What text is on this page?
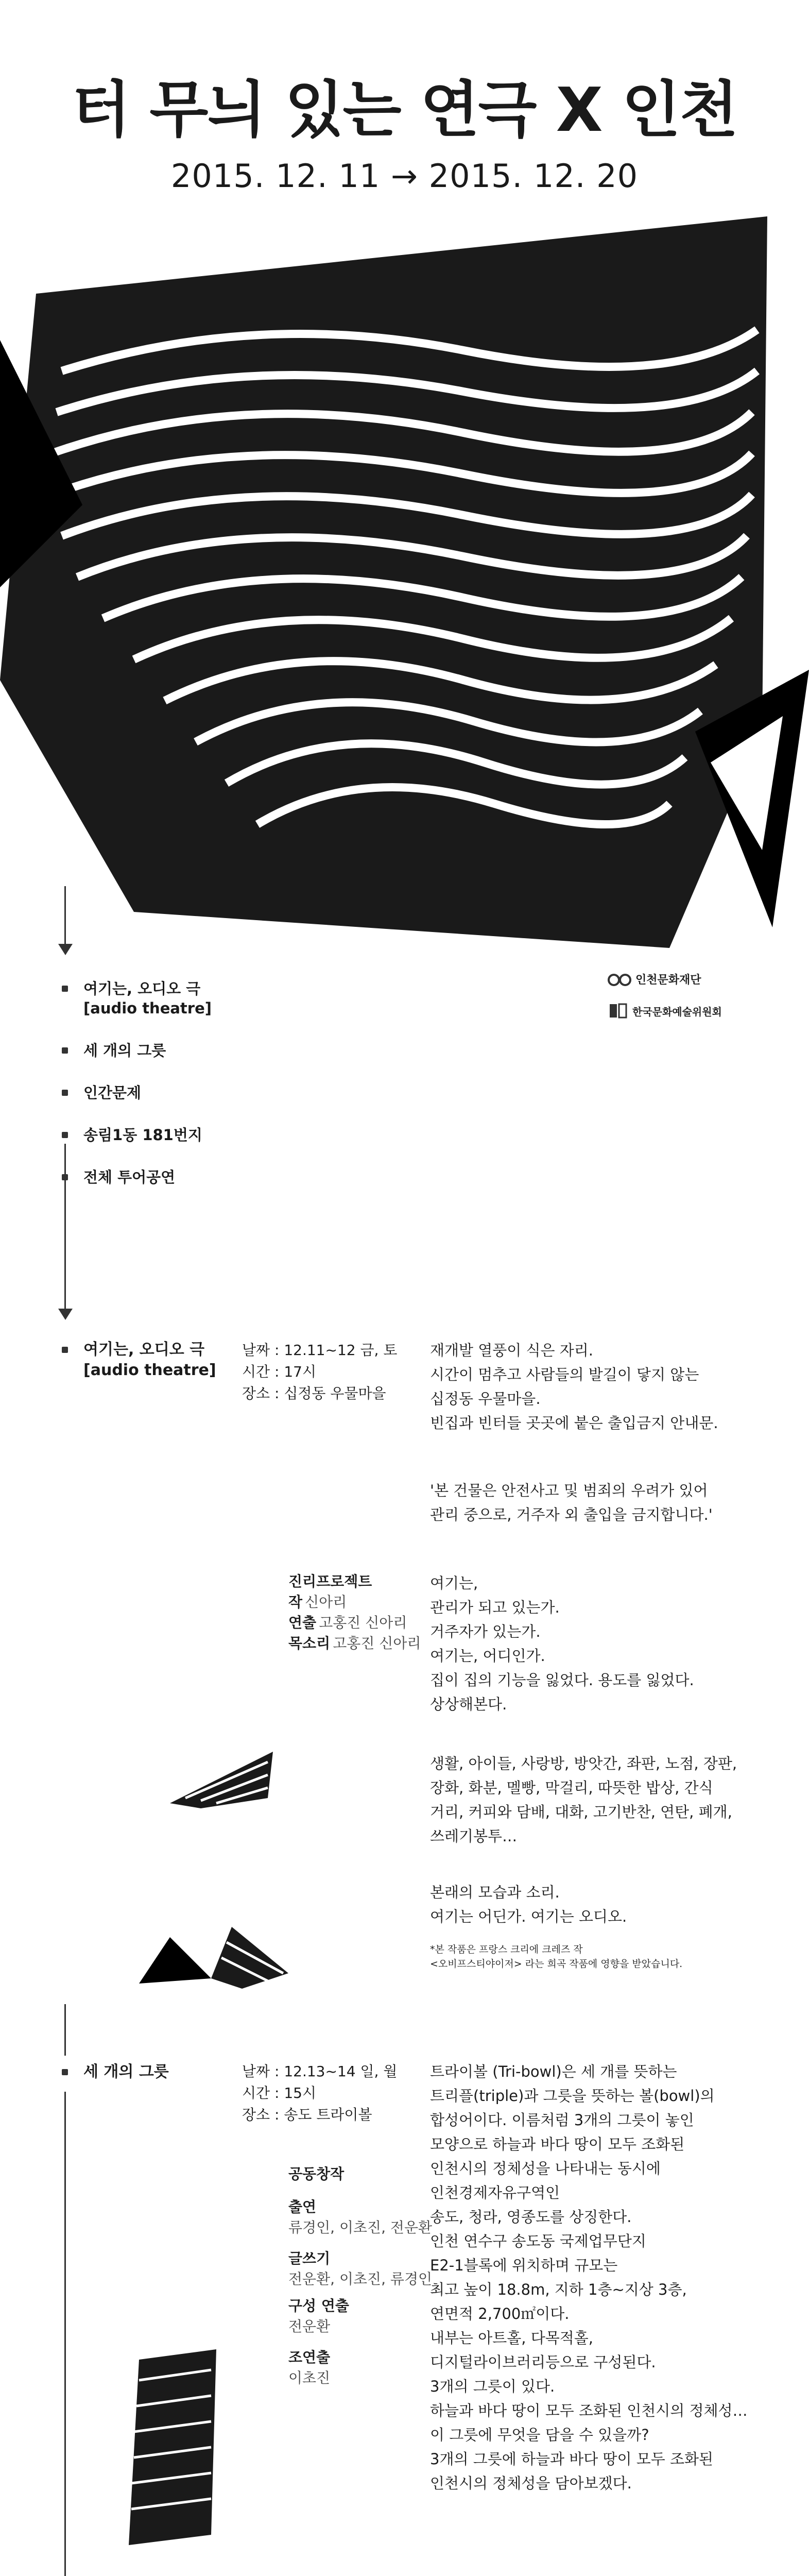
터 무늬 있는 연극 X 인천
2015. 12. 11 → 2015. 12. 20
인천문화재단
한국문화예술위원회
여기는, 오디오 극
[audio theatre]
세 개의 그릇
인간문제
송림1동 181번지
전체 투어공연
여기는, 오디오 극
[audio theatre]
날짜 : 12.11~12 금, 토
시간 : 17시
장소 : 십정동 우물마을

재개발 열풍이 식은 자리.

시간이 멈추고 사람들의 발길이 닿지 않는

십정동 우물마을.

빈집과 빈터들 곳곳에 붙은 출입금지 안내문.

'본 건물은 안전사고 및 범죄의 우려가 있어

관리 중으로, 거주자 외 출입을 금지합니다.'

진리프로젝트
작 신아리
연출 고홍진 신아리
목소리 고홍진 신아리

여기는,

관리가 되고 있는가.

거주자가 있는가.

여기는, 어디인가.

집이 집의 기능을 잃었다. 용도를 잃었다.

상상해본다.

생활, 아이들, 사랑방, 방앗간, 좌판, 노점, 장판,

장화, 화분, 멜빵, 막걸리, 따뜻한 밥상, 간식

거리, 커피와 담배, 대화, 고기반찬, 연탄, 폐개,

쓰레기봉투…

본래의 모습과 소리.

여기는 어딘가. 여기는 오디오.

*본 작품은 프랑스 크리에 크레즈 작
<오비프스티야이저> 라는 희곡 작품에 영향을 받았습니다.
세 개의 그릇	날짜 : 12.13~14 일, 월
시간 : 15시
장소 : 송도 트라이볼
공동창작
출연
류경인, 이초진, 전운환
글쓰기
전운환, 이초진, 류경인
구성 연출
전운환
조연출
이초진

트라이볼 (Tri-bowl)은 세 개를 뜻하는

트리플(triple)과 그릇을 뜻하는 볼(bowl)의

합성어이다. 이름처럼 3개의 그릇이 놓인

모양으로 하늘과 바다 땅이 모두 조화된

인천시의 정체성을 나타내는 동시에

인천경제자유구역인

송도, 청라, 영종도를 상징한다.

인천 연수구 송도동 국제업무단지

E2-1블록에 위치하며 규모는

최고 높이 18.8m, 지하 1층~지상 3층,

연면적 2,700㎡이다.

내부는 아트홀, 다목적홀,

디지털라이브러리등으로 구성된다.

3개의 그릇이 있다.

하늘과 바다 땅이 모두 조화된 인천시의 정체성…

이 그릇에 무엇을 담을 수 있을까?

3개의 그릇에 하늘과 바다 땅이 모두 조화된

인천시의 정체성을 담아보겠다.
